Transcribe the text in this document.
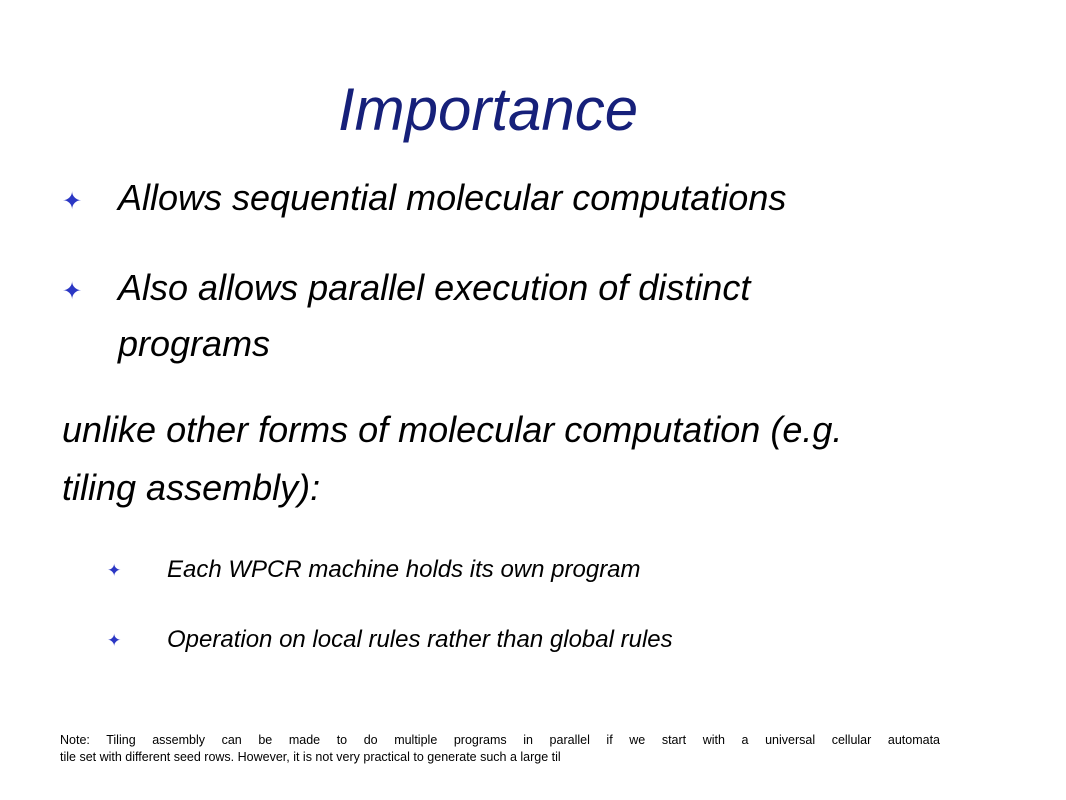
Importance
✦ Allows sequential molecular computations
✦ Also allows parallel execution of distinct
programs
unlike other forms of molecular computation (e.g.
tiling assembly):
✦ Each WPCR machine holds its own program
✦ Operation on local rules rather than global rules
Note: Tiling assembly can be made to do multiple programs in parallel if we start with a universal cellular automata
tile set with different seed rows. However, it is not very practical to generate such a large til
